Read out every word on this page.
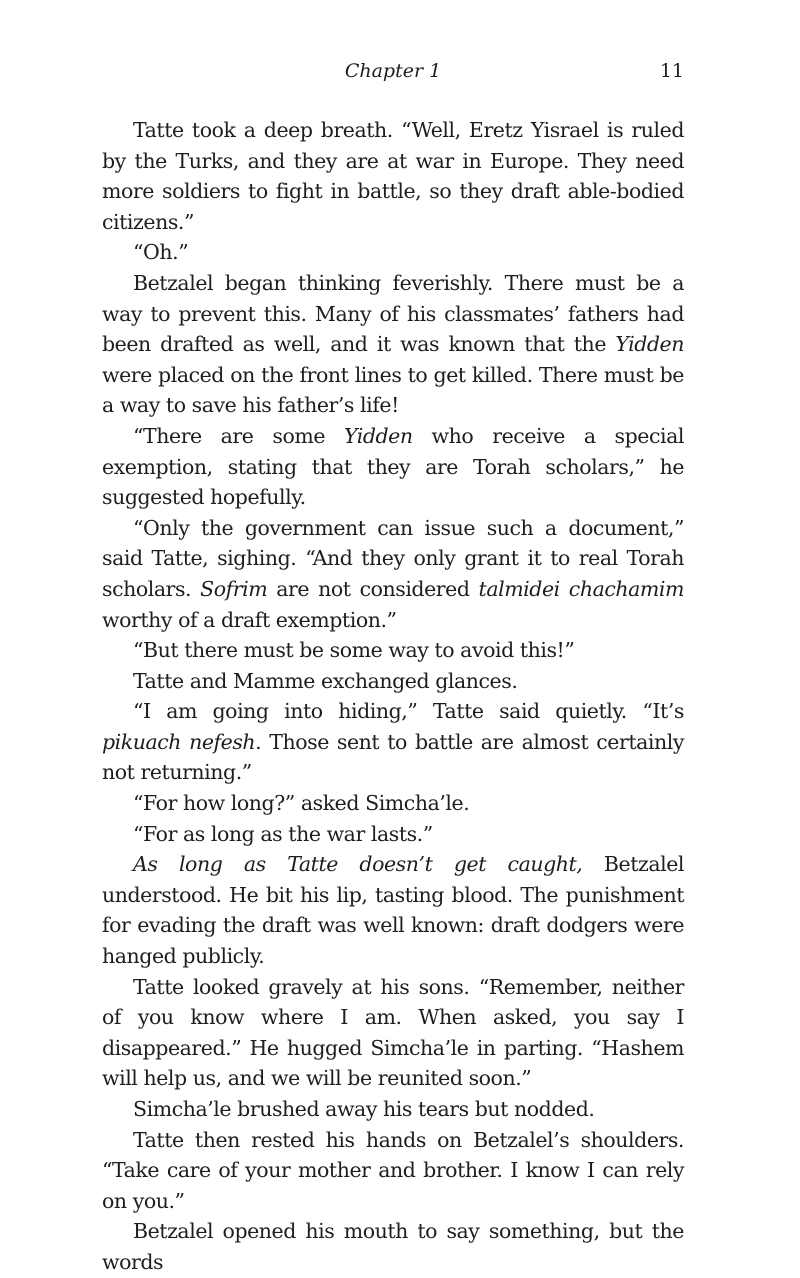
Chapter 1	11

Tatte took a deep breath. “Well, Eretz Yisrael is ruled by the Turks, and they are at war in Europe. They need more soldiers to fight in battle, so they draft able-bodied citizens.”

“Oh.”

Betzalel began thinking feverishly. There must be a way to prevent this. Many of his classmates’ fathers had been drafted as well, and it was known that the Yidden were placed on the front lines to get killed. There must be a way to save his father’s life!

“There are some Yidden who receive a special exemption, stating that they are Torah scholars,” he suggested hopefully.

“Only the government can issue such a document,” said Tatte, sighing. “And they only grant it to real Torah scholars. Sofrim are not considered talmidei chachamim worthy of a draft exemption.”

“But there must be some way to avoid this!”

Tatte and Mamme exchanged glances.

“I am going into hiding,” Tatte said quietly. “It’s pikuach nefesh. Those sent to battle are almost certainly not returning.”

“For how long?” asked Simcha’le.

“For as long as the war lasts.”

As long as Tatte doesn’t get caught, Betzalel understood. He bit his lip, tasting blood. The punishment for evading the draft was well known: draft dodgers were hanged publicly.

Tatte looked gravely at his sons. “Remember, neither of you know where I am. When asked, you say I disappeared.” He hugged Simcha’le in parting. “Hashem will help us, and we will be reunited soon.”

Simcha’le brushed away his tears but nodded.

Tatte then rested his hands on Betzalel’s shoulders. “Take care of your mother and brother. I know I can rely on you.”

Betzalel opened his mouth to say something, but the words
